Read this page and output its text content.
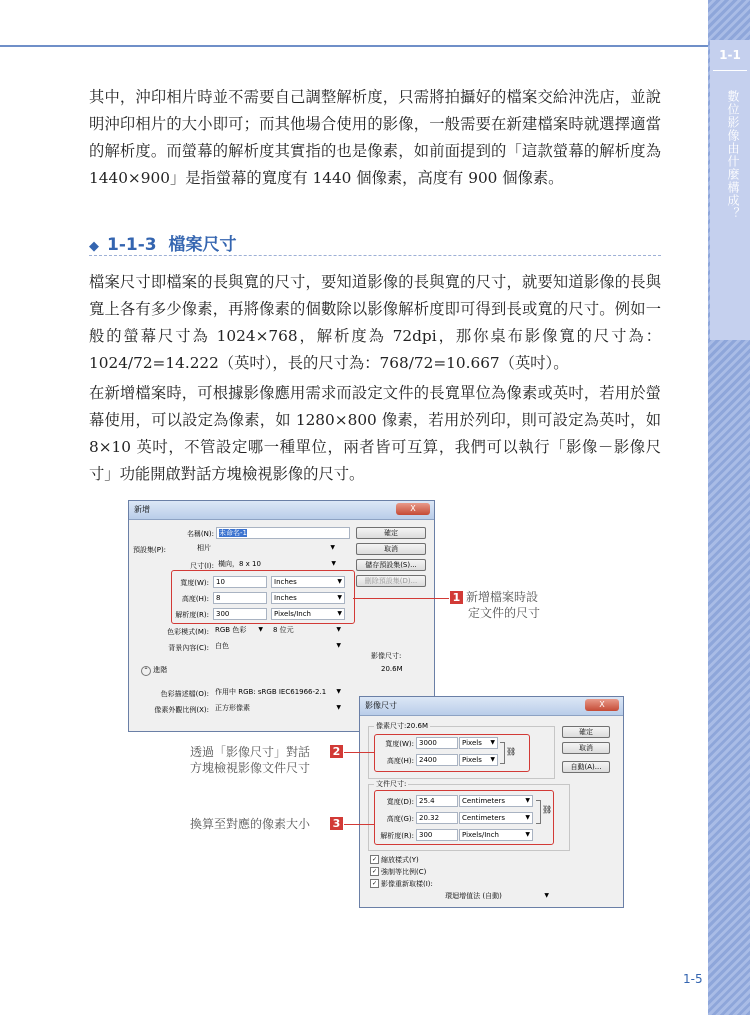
1-1
數位影像由什麼構成？

其中，沖印相片時並不需要自己調整解析度，只需將拍攝好的檔案交給沖洗店，並說明沖印相片的大小即可；而其他場合使用的影像，一般需要在新建檔案時就選擇適當的解析度。而螢幕的解析度其實指的也是像素，如前面提到的「這款螢幕的解析度為 1440×900」是指螢幕的寬度有 1440 個像素，高度有 900 個像素。

◆ 1-1-3 檔案尺寸

檔案尺寸即檔案的長與寬的尺寸，要知道影像的長與寬的尺寸，就要知道影像的長與寬上各有多少像素，再將像素的個數除以影像解析度即可得到長或寬的尺寸。例如一般的螢幕尺寸為 1024×768，解析度為 72dpi，那你桌布影像寬的尺寸為：1024/72=14.222（英吋），長的尺寸為：768/72=10.667（英吋）。

在新增檔案時，可根據影像應用需求而設定文件的長寬單位為像素或英吋，若用於螢幕使用，可以設定為像素，如 1280×800 像素，若用於列印，則可設定為英吋，如 8×10 英吋，不管設定哪一種單位，兩者皆可互算，我們可以執行「影像－影像尺寸」功能開啟對話方塊檢視影像的尺寸。

新增	X
名稱(N): 未命名-1
預設集(P):	相片	▼
尺寸(I): 橫向，8 x 10	▼
寬度(W):	10	Inches	▼
高度(H):	8	Inches	▼
解析度(R):	300	Pixels/Inch	▼
色彩模式(M): RGB 色彩 ▼ 8 位元	▼
背景內容(C): 白色	▼
⌃ 進階
色彩描述檔(O): 作用中 RGB: sRGB IEC61966-2.1 ▼
像素外觀比例(X): 正方形像素	▼
確定
取消
儲存預設集(S)...
刪除預設集(D)...
影像尺寸:
20.6M
1 新增檔案時設
定文件的尺寸
影像尺寸	X
像素尺寸:20.6M
寬度(W): 3000	Pixels ▼
高度(H): 2400	Pixels ▼
⛓
文件尺寸:
寬度(D): 25.4	Centimeters	▼
高度(G): 20.32	Centimeters	▼
解析度(R): 300	Pixels/Inch	▼
⛓
✓ 縮放樣式(Y)
✓ 強制等比例(C)
✓ 影像重新取樣(I):
環迴增值法 (自動)	▼
確定
取消
自動(A)...
2
透過「影像尺寸」對話
方塊檢視影像文件尺寸
3
換算至對應的像素大小
1-5
